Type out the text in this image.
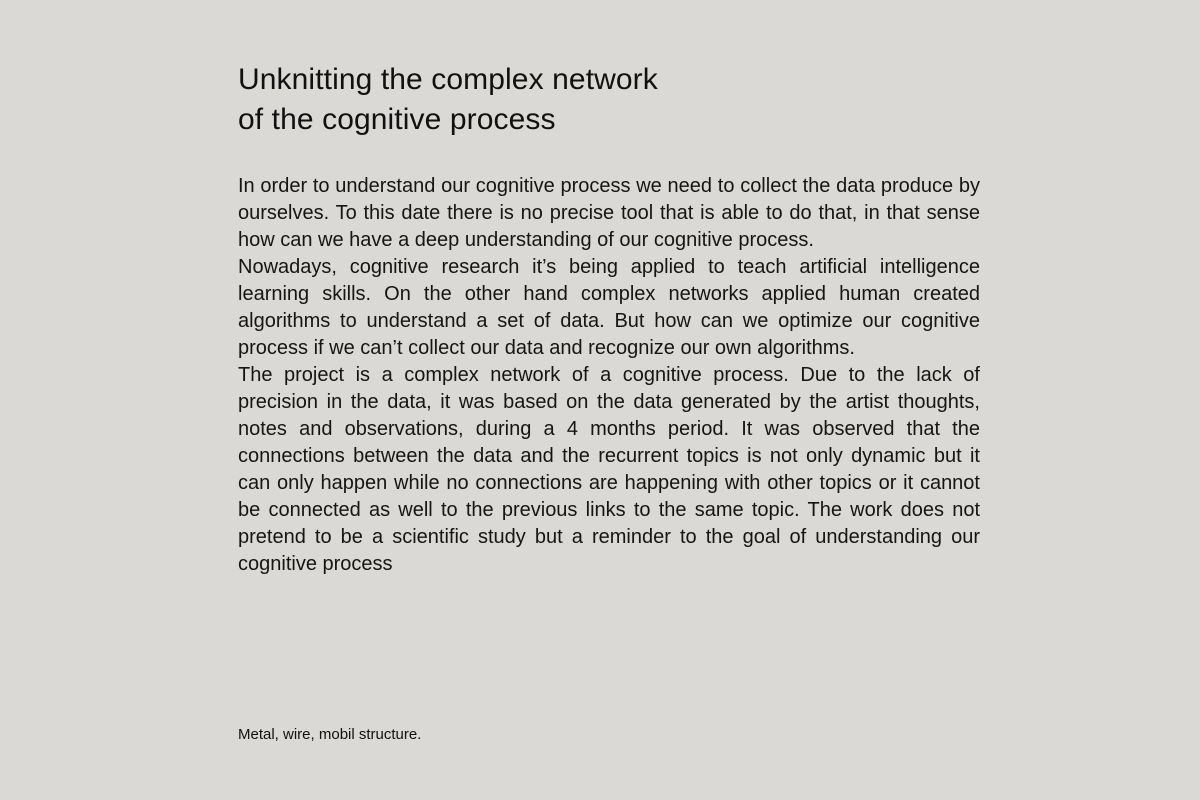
Unknitting the complex network
of the cognitive process

In order to understand our cognitive process we need to collect the data produce by ourselves. To this date there is no precise tool that is able to do that, in that sense how can we have a deep understanding of our cognitive process.

Nowadays, cognitive research it’s being applied to teach artificial intelligence learning skills. On the other hand complex networks applied human created algorithms to understand a set of data. But how can we optimize our cognitive process if we can’t collect our data and recognize our own algorithms.

The project is a complex network of a cognitive process. Due to the lack of precision in the data, it was based on the data generated by the artist thoughts, notes and observations, during a 4 months period. It was observed that the connections between the data and the recurrent topics is not only dynamic but it can only happen while no connections are happening with other topics or it cannot be connected as well to the previous links to the same topic. The work does not pretend to be a scientific study but a reminder to the goal of understanding our cognitive process

Metal, wire, mobil structure.
